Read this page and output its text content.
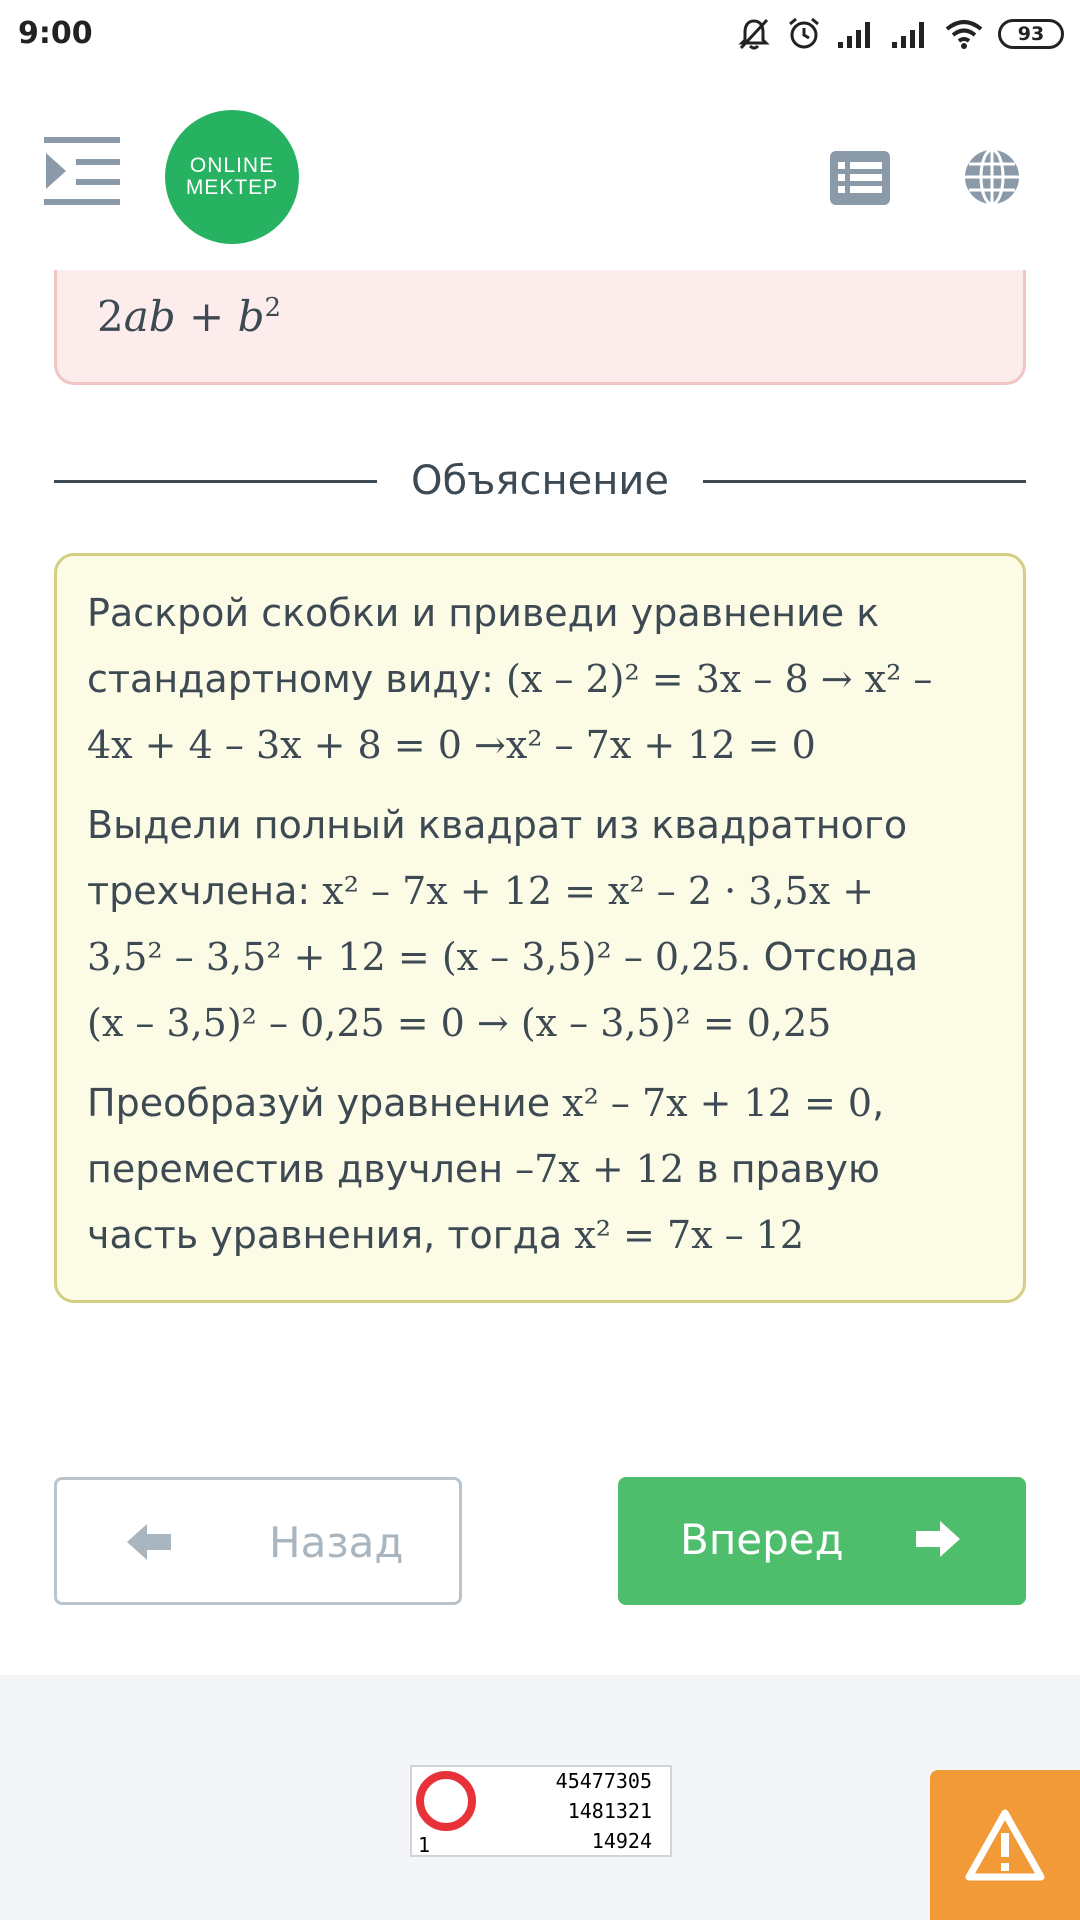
9:00	93
ONLINE
MEKTEP
$2ab + b^2$
Объяснение
Раскрой скобки и приведи уравнение к стандартному виду: (x – 2)² = 3x – 8 → x² –
4x + 4 – 3x + 8 = 0 →x² – 7x + 12 = 0
Выдели полный квадрат из квадратного трехчлена: x² – 7x + 12 = x² – 2 · 3,5x +
3,5² – 3,5² + 12 = (x – 3,5)² – 0,25. Отсюда
(x – 3,5)² – 0,25 = 0 → (x – 3,5)² = 0,25
Преобразуй уравнение x² – 7x + 12 = 0, переместив двучлен –7x + 12 в правую часть уравнения, тогда x² = 7x – 12
Назад	Вперед
45477305
1481321
14924
1
